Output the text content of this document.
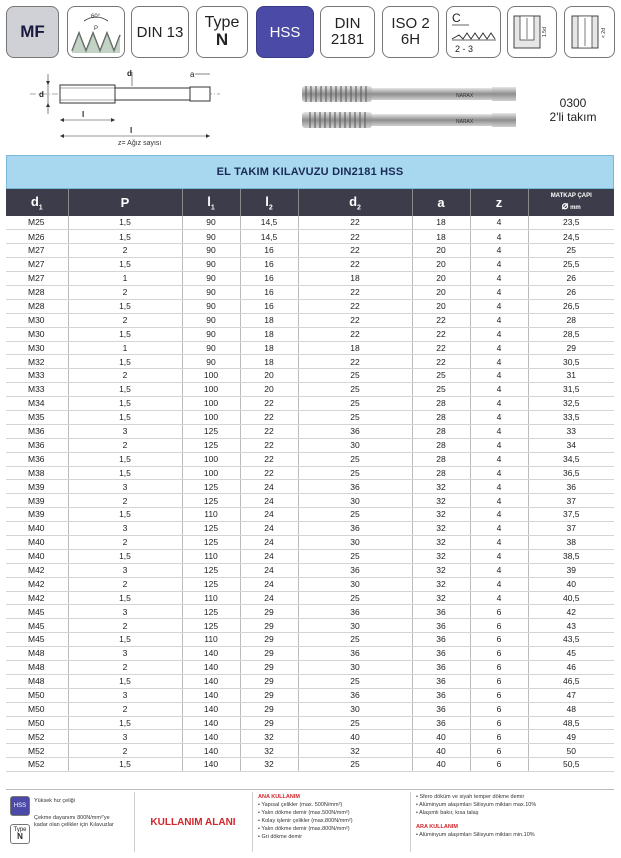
MF
60°
P	DIN 13
Type
N	HSS DIN
2181
ISO 2
6H
C
2 - 3
1.5d	< 2d
d
d	a
l
l
z= Ağız sayısı
NARAX
NARAX
0300
2'li takım
EL TAKIM KILAVUZU DIN2181 HSS
$d_1$	P	$l_1$	$l_2$	$d_2$	a	z	MATKAP ÇAPI
⌀ mm

M25	1,5	90	14,5	22	18	4	23,5
M26	1,5	90	14,5	22	18	4	24,5
M27	2	90	16	22	20	4	25
M27	1,5	90	16	22	20	4	25,5
M27	1	90	16	18	20	4	26
M28	2	90	16	22	20	4	26
M28	1,5	90	16	22	20	4	26,5
M30	2	90	18	22	22	4	28
M30	1,5	90	18	22	22	4	28,5
M30	1	90	18	18	22	4	29
M32	1,5	90	18	22	22	4	30,5
M33	2	100	20	25	25	4	31
M33	1,5	100	20	25	25	4	31,5
M34	1,5	100	22	25	28	4	32,5
M35	1,5	100	22	25	28	4	33,5
M36	3	125	22	36	28	4	33
M36	2	125	22	30	28	4	34
M36	1,5	100	22	25	28	4	34,5
M38	1,5	100	22	25	28	4	36,5
M39	3	125	24	36	32	4	36
M39	2	125	24	30	32	4	37
M39	1,5	110	24	25	32	4	37,5
M40	3	125	24	36	32	4	37
M40	2	125	24	30	32	4	38
M40	1,5	110	24	25	32	4	38,5
M42	3	125	24	36	32	4	39
M42	2	125	24	30	32	4	40
M42	1,5	110	24	25	32	4	40,5
M45	3	125	29	36	36	6	42
M45	2	125	29	30	36	6	43
M45	1,5	110	29	25	36	6	43,5
M48	3	140	29	36	36	6	45
M48	2	140	29	30	36	6	46
M48	1,5	140	29	25	36	6	46,5
M50	3	140	29	36	36	6	47
M50	2	140	29	30	36	6	48
M50	1,5	140	29	25	36	6	48,5
M52	3	140	32	40	40	6	49
M52	2	140	32	32	40	6	50
M52	1,5	140	32	25	40	6	50,5
HSS
Yüksek hız çeliği
Type
N
Çekme dayanımı 800N/mm²'ye kadar olan çelikler için Kılavuzlar	KULLANIM ALANI
ANA KULLANIM
• Yapısal çelikler (max. 500N/mm²)
• Yalın dökme demir (max.500N/mm²)
• Kolay işlenir çelikler (max.800N/mm²)
• Yalın dökme demir (max.800N/mm²)
• Gri dökme demir
• Sfero döküm ve siyah temper dökme demir
• Alüminyum alaşımları Silisyum miktarı max.10%
• Alaşımlı bakır, kısa talaş
ARA KULLANIM
• Alüminyum alaşımları Silisyum miktarı min.10%
